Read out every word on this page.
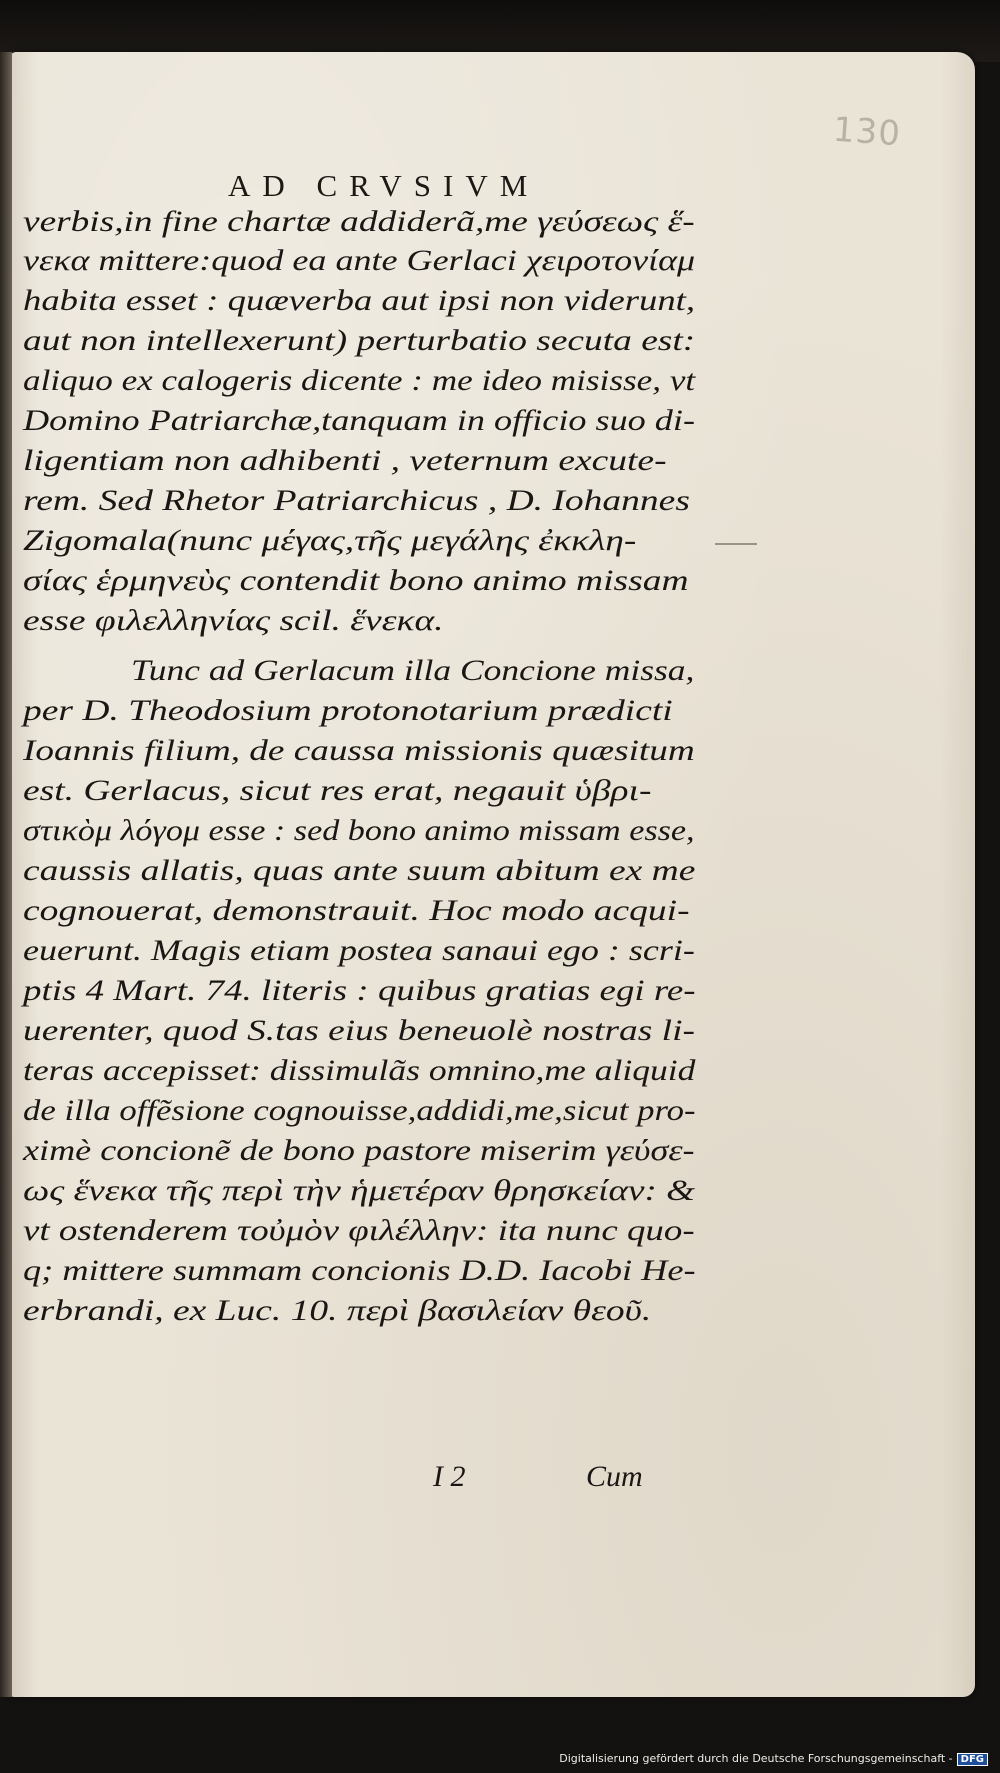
130
AD CRVSIVM
verbis,in fine chartæ addiderã,me γεύσεως ἕ-
νεκα mittere:quod ea ante Gerlaci χειροτονίαμ
habita esset : quæverba aut ipsi non viderunt,
aut non intellexerunt) perturbatio secuta est:
aliquo ex calogeris dicente : me ideo misisse, vt
Domino Patriarchæ,tanquam in officio suo di-
ligentiam non adhibenti , veternum excute-
rem. Sed Rhetor Patriarchicus , D. Iohannes
Zigomala(nunc μέγας,τῆς μεγάλης ἐκκλη-
σίας ἑρμηνεὺς contendit bono animo missam
esse φιλελληνίας scil. ἕνεκα.
Tunc ad Gerlacum illa Concione missa,
per D. Theodosium protonotarium prædicti
Ioannis filium, de caussa missionis quæsitum
est. Gerlacus, sicut res erat, negauit ὑβρι-
στικὸμ λόγομ esse : sed bono animo missam esse,
caussis allatis, quas ante suum abitum ex me
cognouerat, demonstrauit. Hoc modo acqui-
euerunt. Magis etiam postea sanaui ego : scri-
ptis 4 Mart. 74. literis : quibus gratias egi re-
uerenter, quod S.tas eius beneuolè nostras li-
teras accepisset: dissimulãs omnino,me aliquid
de illa offẽsione cognouisse,addidi,me,sicut pro-
ximè concionẽ de bono pastore miserim γεύσε-
ως ἕνεκα τῆς περὶ τὴν ἡμετέραν θρησκείαν: &
vt ostenderem τοὐμὸν φιλέλλην: ita nunc quo-
q; mittere summam concionis D.D. Iacobi He-
erbrandi, ex Luc. 10. περὶ βασιλείαν θεοῦ.
I 2	Cum
Digitalisierung gefördert durch die Deutsche Forschungsgemeinschaft - DFG
